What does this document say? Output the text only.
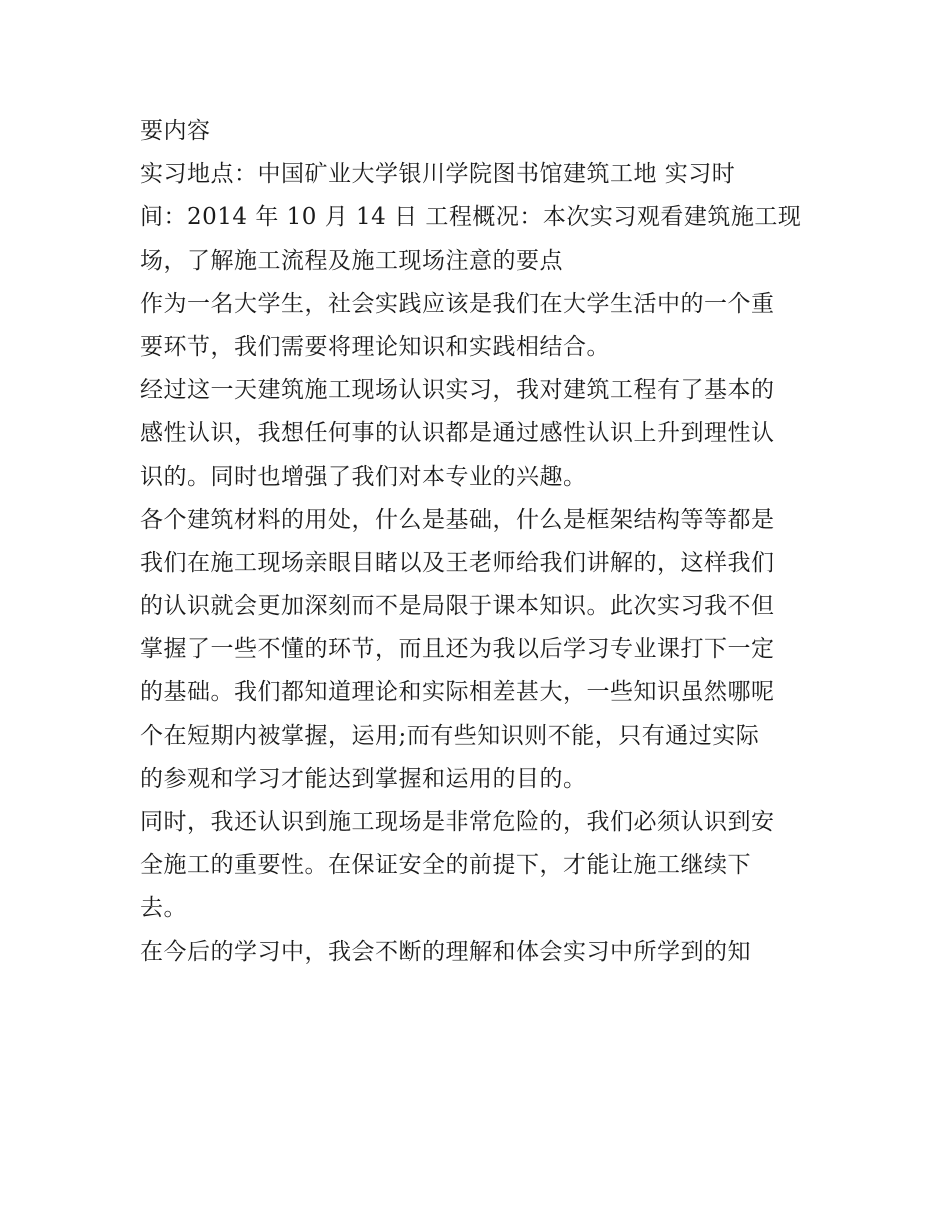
要内容
实习地点：中国矿业大学银川学院图书馆建筑工地 实习时
间：2014 年 10 月 14 日 工程概况：本次实习观看建筑施工现
场，了解施工流程及施工现场注意的要点
作为一名大学生，社会实践应该是我们在大学生活中的一个重
要环节，我们需要将理论知识和实践相结合。
经过这一天建筑施工现场认识实习，我对建筑工程有了基本的
感性认识，我想任何事的认识都是通过感性认识上升到理性认
识的。同时也增强了我们对本专业的兴趣。
各个建筑材料的用处，什么是基础，什么是框架结构等等都是
我们在施工现场亲眼目睹以及王老师给我们讲解的，这样我们
的认识就会更加深刻而不是局限于课本知识。此次实习我不但
掌握了一些不懂的环节，而且还为我以后学习专业课打下一定
的基础。我们都知道理论和实际相差甚大，一些知识虽然哪呢
个在短期内被掌握，运用;而有些知识则不能，只有通过实际
的参观和学习才能达到掌握和运用的目的。
同时，我还认识到施工现场是非常危险的，我们必须认识到安
全施工的重要性。在保证安全的前提下，才能让施工继续下
去。
在今后的学习中，我会不断的理解和体会实习中所学到的知
